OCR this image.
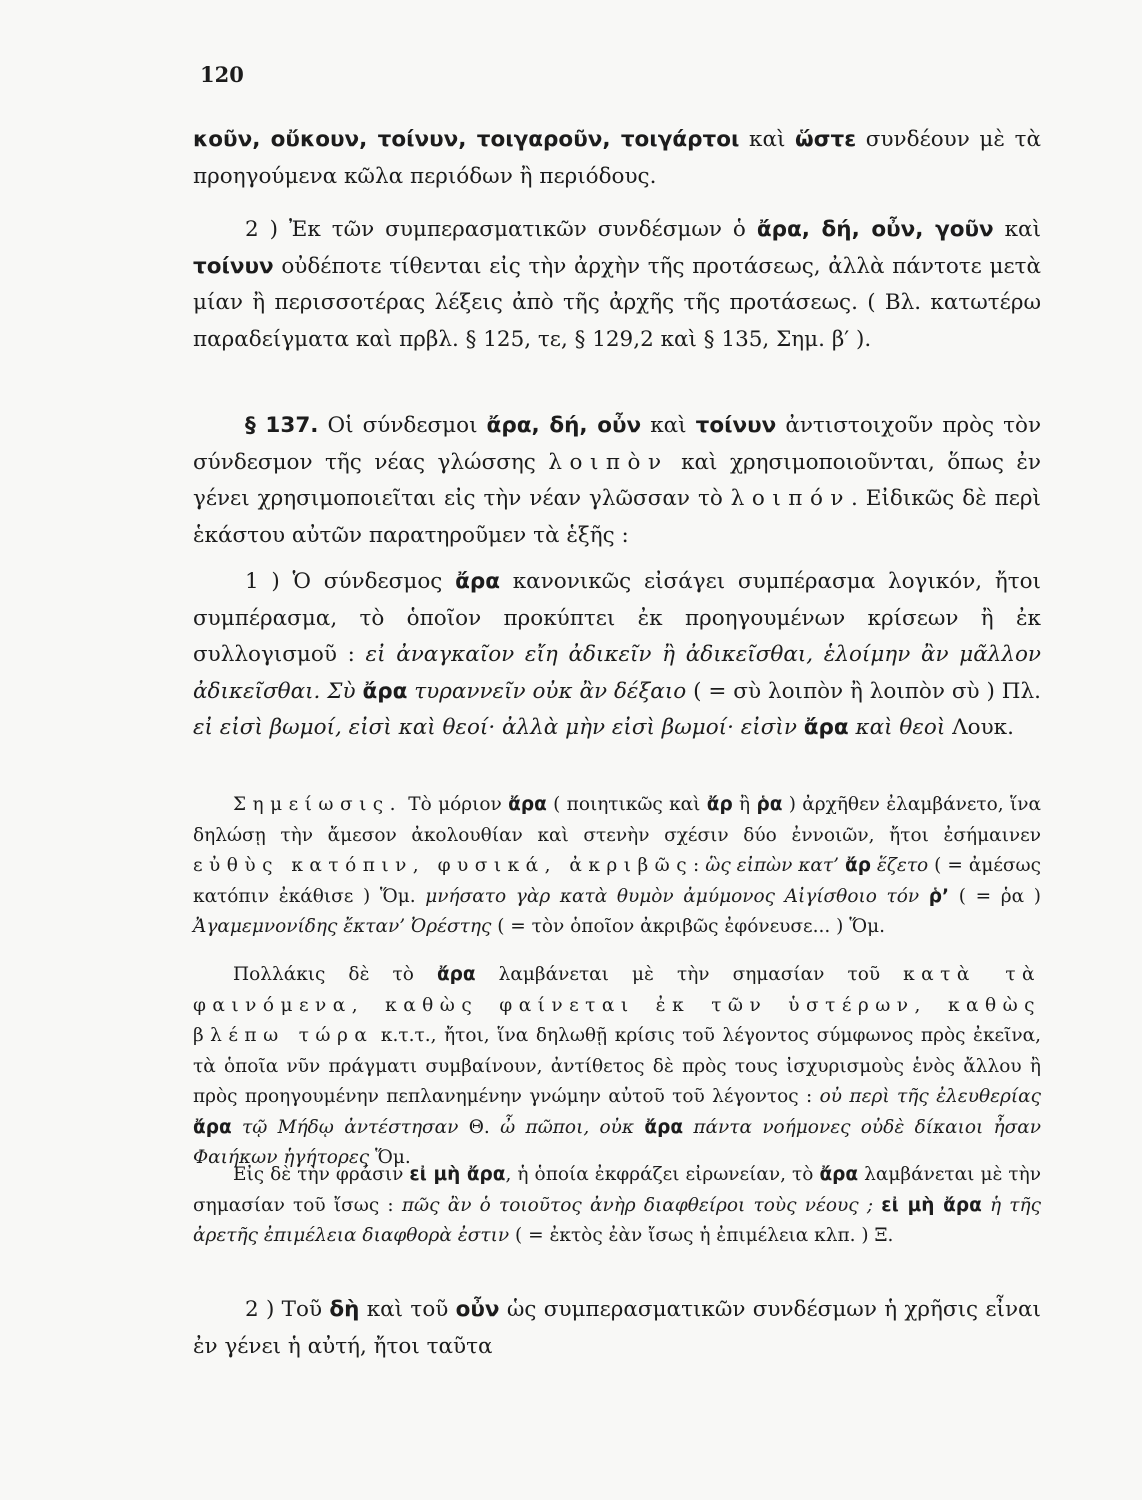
120

κοῦν, οὔκουν, τοίνυν, τοιγαροῦν, τοιγάρτοι καὶ ὥστε συνδέουν μὲ τὰ προηγούμενα κῶλα περιόδων ἢ περιόδους.

2 ) Ἐκ τῶν συμπερασματικῶν συνδέσμων ὁ ἄρα, δή, οὖν, γοῦν καὶ τοίνυν οὐδέποτε τίθενται εἰς τὴν ἀρχὴν τῆς προτάσεως, ἀλλὰ πάντοτε μετὰ μίαν ἢ περισσοτέρας λέξεις ἀπὸ τῆς ἀρχῆς τῆς προτάσεως. ( Βλ. κατωτέρω παραδείγματα καὶ πρβλ. § 125, τε, § 129,2 καὶ § 135, Σημ. β′ ).

§ 137. Οἱ σύνδεσμοι ἄρα, δή, οὖν καὶ τοίνυν ἀντιστοιχοῦν πρὸς τὸν σύνδεσμον τῆς νέας γλώσσης λοιπὸν καὶ χρησιμοποιοῦνται, ὅπως ἐν γένει χρησιμοποιεῖται εἰς τὴν νέαν γλῶσσαν τὸ λοιπόν. Εἰδικῶς δὲ περὶ ἑκάστου αὐτῶν παρατηροῦμεν τὰ ἑξῆς :

1 ) Ὁ σύνδεσμος ἄρα κανονικῶς εἰσάγει συμπέρασμα λογικόν, ἤτοι συμπέρασμα, τὸ ὁποῖον προκύπτει ἐκ προηγουμένων κρίσεων ἢ ἐκ συλλογισμοῦ : εἰ ἀναγκαῖον εἴη ἀδικεῖν ἢ ἀδικεῖσθαι, ἑλοίμην ἂν μᾶλλον ἀδικεῖσθαι. Σὺ ἄρα τυραννεῖν οὐκ ἂν δέξαιο ( = σὺ λοιπὸν ἢ λοιπὸν σὺ ) Πλ. εἰ εἰσὶ βωμοί, εἰσὶ καὶ θεοί· ἀλλὰ μὴν εἰσὶ βωμοί· εἰσὶν ἄρα καὶ θεοὶ Λουκ.

Σημείωσις. Τὸ μόριον ἄρα ( ποιητικῶς καὶ ἄρ ἢ ῥα ) ἀρχῆθεν ἐλαμβάνετο, ἵνα δηλώσῃ τὴν ἄμεσον ἀκολουθίαν καὶ στενὴν σχέσιν δύο ἐννοιῶν, ἤτοι ἐσήμαινεν εὐθὺς κατόπιν, φυσικά, ἀκριβῶς: ὣς εἰπὼν κατ’ ἄρ ἕζετο ( = ἀμέσως κατόπιν ἐκάθισε ) Ὅμ. μνήσατο γὰρ κατὰ θυμὸν ἀμύμονος Αἰγίσθοιο τόν ῥ’ ( = ῥα ) Ἀγαμεμνονίδης ἔκταν’ Ὀρέστης ( = τὸν ὁποῖον ἀκριβῶς ἐφόνευσε... ) Ὅμ.

Πολλάκις δὲ τὸ ἄρα λαμβάνεται μὲ τὴν σημασίαν τοῦ κατὰ τὰ φαινόμενα, καθὼς φαίνεται ἐκ τῶν ὑστέρων, καθὼς βλέπω τώρα κ.τ.τ., ἤτοι, ἵνα δηλωθῇ κρίσις τοῦ λέγοντος σύμφωνος πρὸς ἐκεῖνα, τὰ ὁποῖα νῦν πράγματι συμβαίνουν, ἀντίθετος δὲ πρὸς τους ἰσχυρισμοὺς ἑνὸς ἄλλου ἢ πρὸς προηγουμένην πεπλανημένην γνώμην αὐτοῦ τοῦ λέγοντος : οὐ περὶ τῆς ἐλευθερίας ἄρα τῷ Μήδῳ ἀντέστησαν Θ. ὦ πῶποι, οὐκ ἄρα πάντα νοήμονες οὐδὲ δίκαιοι ἦσαν Φαιήκων ἡγήτορες Ὅμ.

Εἰς δὲ τὴν φράσιν εἰ μὴ ἄρα, ἡ ὁποία ἐκφράζει εἰρωνείαν, τὸ ἄρα λαμβάνεται μὲ τὴν σημασίαν τοῦ ἴσως : πῶς ἂν ὁ τοιοῦτος ἀνὴρ διαφθείροι τοὺς νέους ; εἰ μὴ ἄρα ἡ τῆς ἀρετῆς ἐπιμέλεια διαφθορὰ ἐστιν ( = ἐκτὸς ἐὰν ἴσως ἡ ἐπιμέλεια κλπ. ) Ξ.

2 ) Τοῦ δὴ καὶ τοῦ οὖν ὡς συμπερασματικῶν συνδέσμων ἡ χρῆσις εἶναι ἐν γένει ἡ αὐτή, ἤτοι ταῦτα
